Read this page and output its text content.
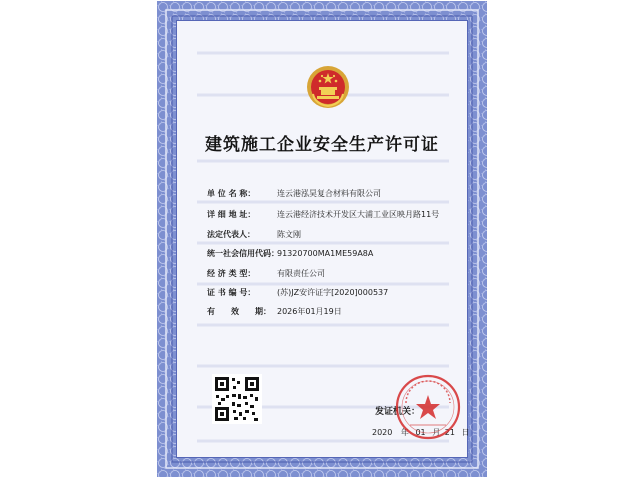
建筑施工企业安全生产许可证
单 位 名 称：	连云港泓昊复合材料有限公司
详 细 地 址：	连云港经济技术开发区大浦工业区映月路11号
法定代表人：	陈文刚
统一社会信用代码：91320700MA1ME59A8A
经 济 类 型：	有限责任公司
证 书 编 号：	(苏)JZ安许证字[2020]000537
有　　效　　期： 2026年01月19日
发证机关：
2020 年 01 月 21 日
